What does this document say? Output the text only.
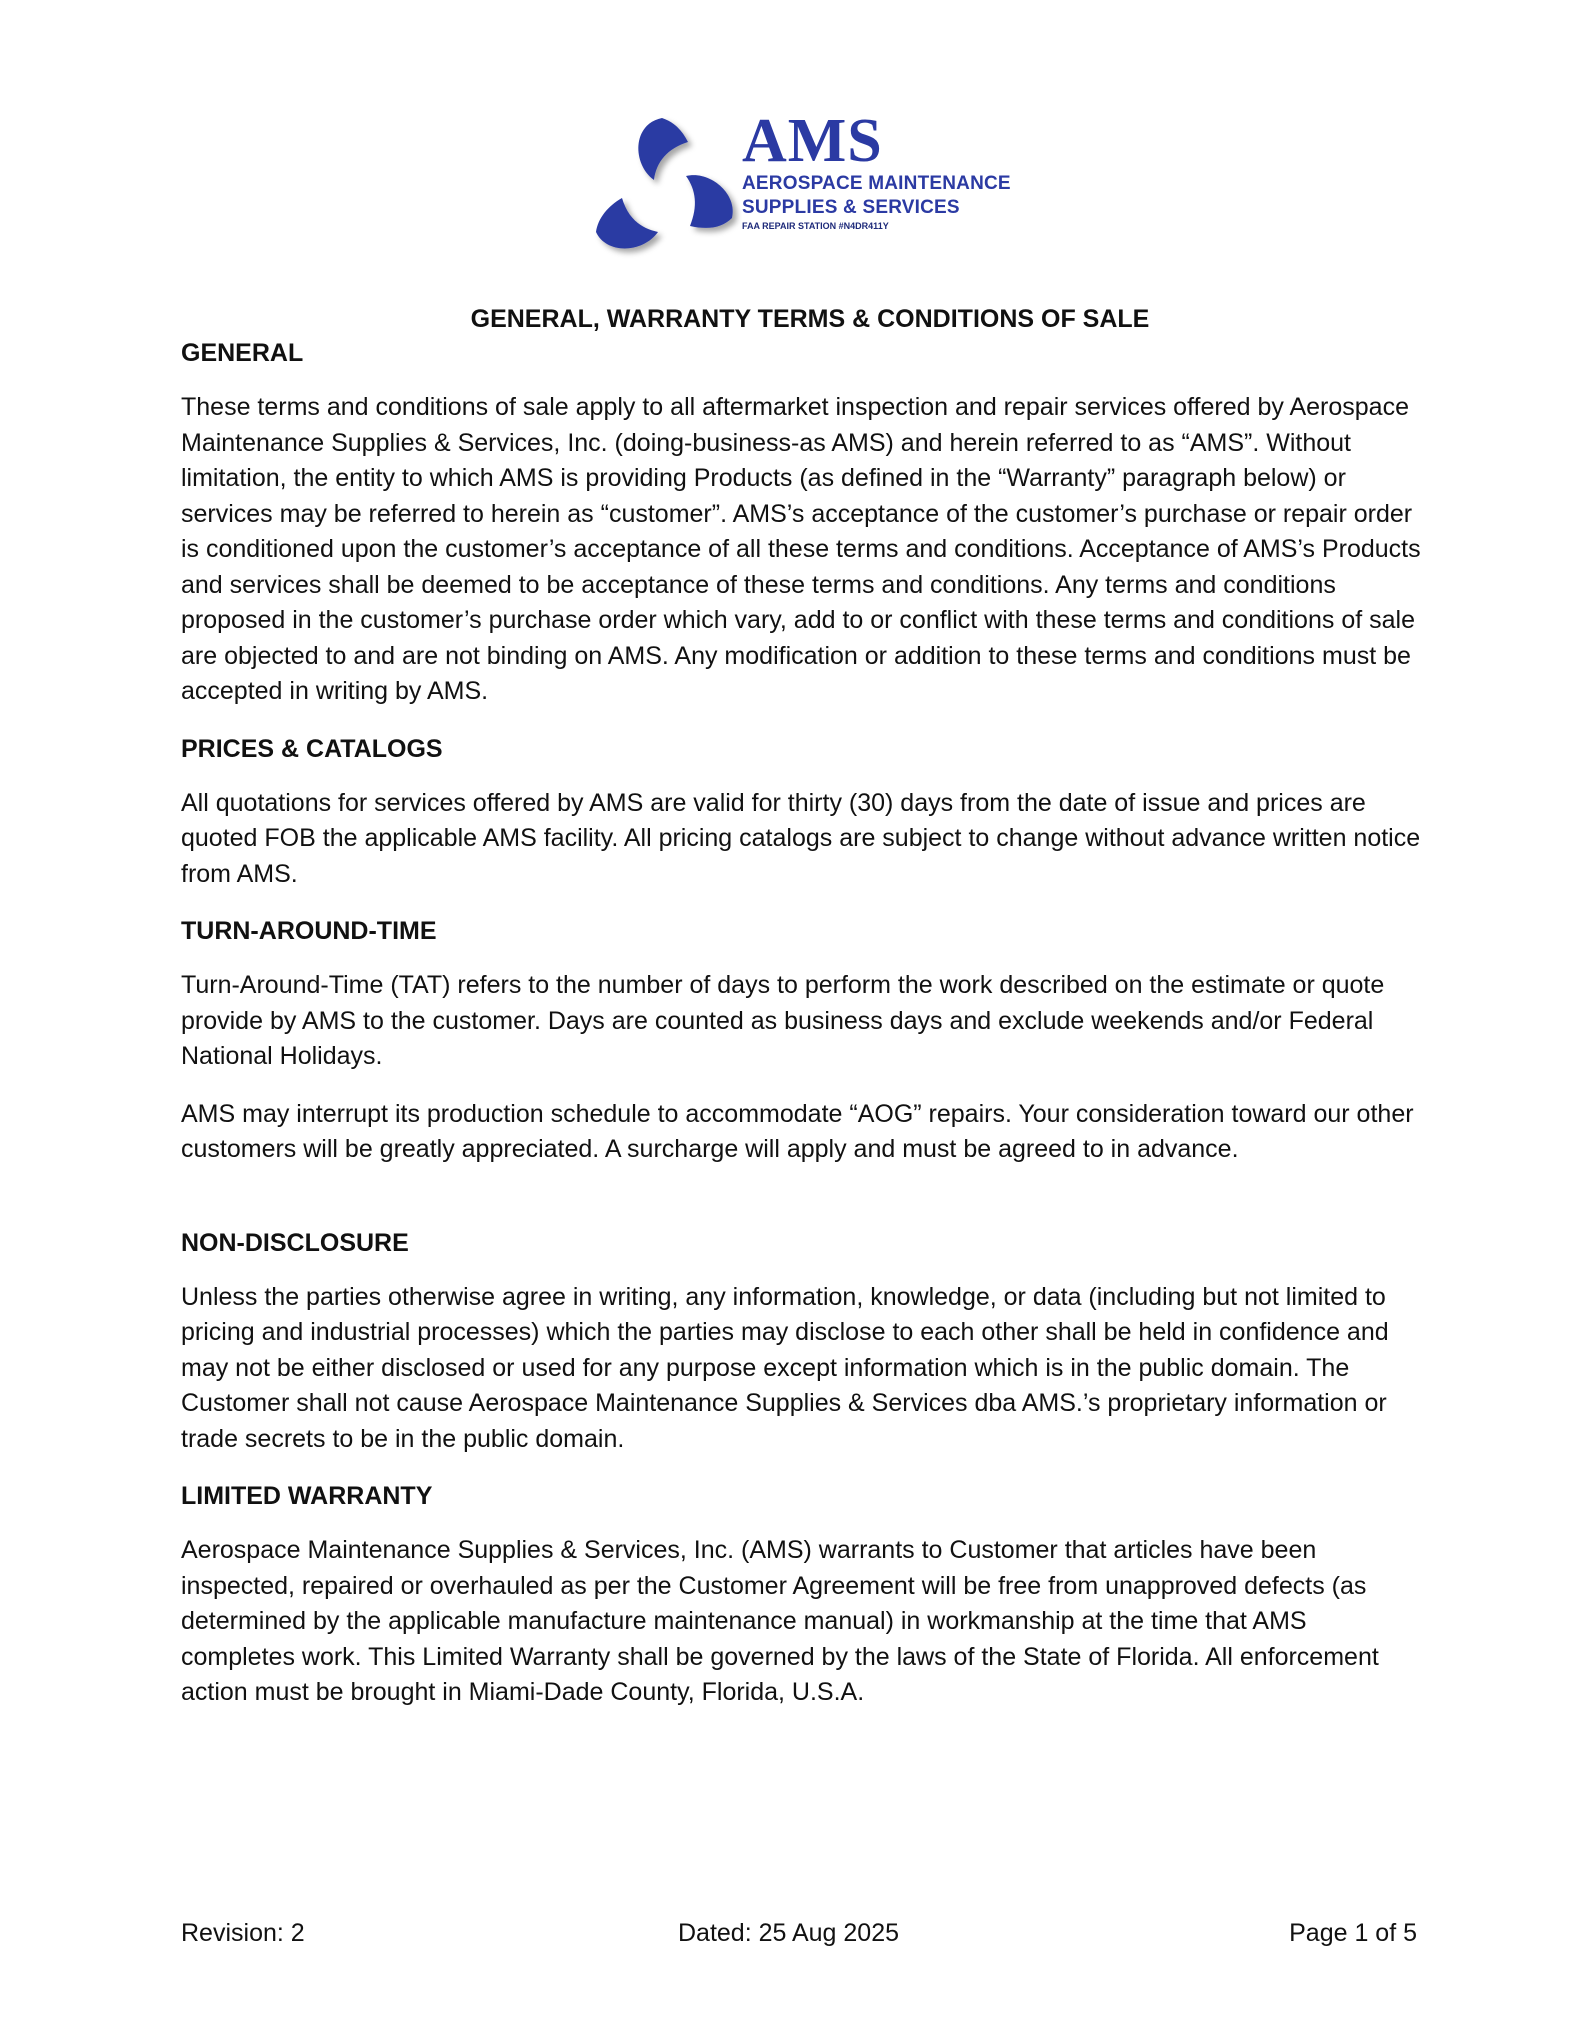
AMS
AEROSPACE MAINTENANCE
SUPPLIES & SERVICES
FAA REPAIR STATION #N4DR411Y

GENERAL, WARRANTY TERMS & CONDITIONS OF SALE

GENERAL

These terms and conditions of sale apply to all aftermarket inspection and repair services offered by Aerospace Maintenance Supplies & Services, Inc. (doing-business-as AMS) and herein referred to as “AMS”. Without limitation, the entity to which AMS is providing Products (as defined in the “Warranty” paragraph below) or services may be referred to herein as “customer”. AMS’s acceptance of the customer’s purchase or repair order is conditioned upon the customer’s acceptance of all these terms and conditions. Acceptance of AMS’s Products and services shall be deemed to be acceptance of these terms and conditions. Any terms and conditions proposed in the customer’s purchase order which vary, add to or conflict with these terms and conditions of sale are objected to and are not binding on AMS. Any modification or addition to these terms and conditions must be accepted in writing by AMS.

PRICES & CATALOGS

All quotations for services offered by AMS are valid for thirty (30) days from the date of issue and prices are quoted FOB the applicable AMS facility. All pricing catalogs are subject to change without advance written notice from AMS.

TURN-AROUND-TIME

Turn-Around-Time (TAT) refers to the number of days to perform the work described on the estimate or quote provide by AMS to the customer. Days are counted as business days and exclude weekends and/or Federal National Holidays.

AMS may interrupt its production schedule to accommodate “AOG” repairs. Your consideration toward our other customers will be greatly appreciated. A surcharge will apply and must be agreed to in advance.

NON-DISCLOSURE

Unless the parties otherwise agree in writing, any information, knowledge, or data (including but not limited to pricing and industrial processes) which the parties may disclose to each other shall be held in confidence and may not be either disclosed or used for any purpose except information which is in the public domain. The Customer shall not cause Aerospace Maintenance Supplies & Services dba AMS.’s proprietary information or trade secrets to be in the public domain.

LIMITED WARRANTY

Aerospace Maintenance Supplies & Services, Inc. (AMS) warrants to Customer that articles have been inspected, repaired or overhauled as per the Customer Agreement will be free from unapproved defects (as determined by the applicable manufacture maintenance manual) in workmanship at the time that AMS completes work. This Limited Warranty shall be governed by the laws of the State of Florida. All enforcement action must be brought in Miami-Dade County, Florida, U.S.A.

Revision: 2	Dated: 25 Aug 2025	Page 1 of 5
